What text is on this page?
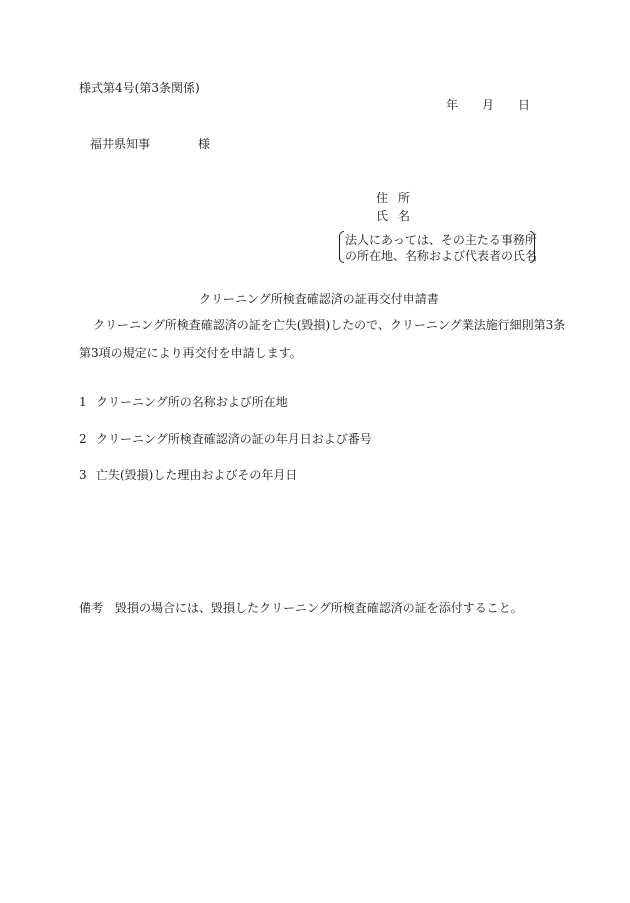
様式第4号(第3条関係)
年 月 日
福井県知事	様
住 所
氏 名
法人にあっては、その主たる事務所
の所在地、名称および代表者の氏名
クリーニング所検査確認済の証再交付申請書
クリーニング所検査確認済の証を亡失(毀損)したので、クリーニング業法施行細則第3条
第3項の規定により再交付を申請します。
1 クリーニング所の名称および所在地
2 クリーニング所検査確認済の証の年月日および番号
3 亡失(毀損)した理由およびその年月日
備考 毀損の場合には、毀損したクリーニング所検査確認済の証を添付すること。
